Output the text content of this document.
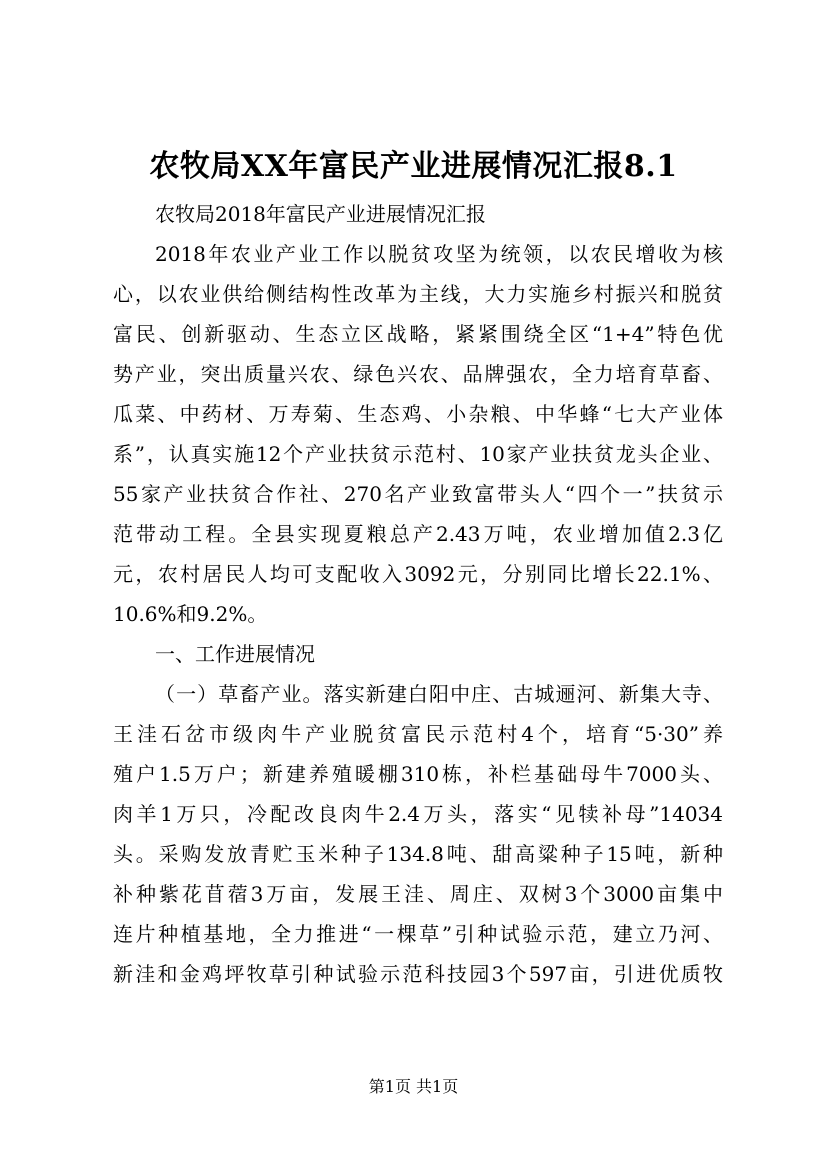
农牧局XX年富民产业进展情况汇报8.1
农牧局2018年富民产业进展情况汇报
2018年农业产业工作以脱贫攻坚为统领，以农民增收为核
心，以农业供给侧结构性改革为主线，大力实施乡村振兴和脱贫
富民、创新驱动、生态立区战略，紧紧围绕全区“1+4”特色优
势产业，突出质量兴农、绿色兴农、品牌强农，全力培育草畜、
瓜菜、中药材、万寿菊、生态鸡、小杂粮、中华蜂“七大产业体
系”，认真实施12个产业扶贫示范村、10家产业扶贫龙头企业、
55家产业扶贫合作社、270名产业致富带头人“四个一”扶贫示
范带动工程。全县实现夏粮总产2.43万吨，农业增加值2.3亿
元，农村居民人均可支配收入3092元，分别同比增长22.1%、
10.6%和9.2%。
一、工作进展情况
（一）草畜产业。落实新建白阳中庄、古城逦河、新集大寺、
王洼石岔市级肉牛产业脱贫富民示范村4个，培育“5·30”养
殖户1.5万户；新建养殖暖棚310栋，补栏基础母牛7000头、
肉羊1万只，冷配改良肉牛2.4万头，落实“见犊补母”14034
头。采购发放青贮玉米种子134.8吨、甜高粱种子15吨，新种
补种紫花苜蓿3万亩，发展王洼、周庄、双树3个3000亩集中
连片种植基地，全力推进“一棵草”引种试验示范，建立乃河、
新洼和金鸡坪牧草引种试验示范科技园3个597亩，引进优质牧
第1页 共1页
